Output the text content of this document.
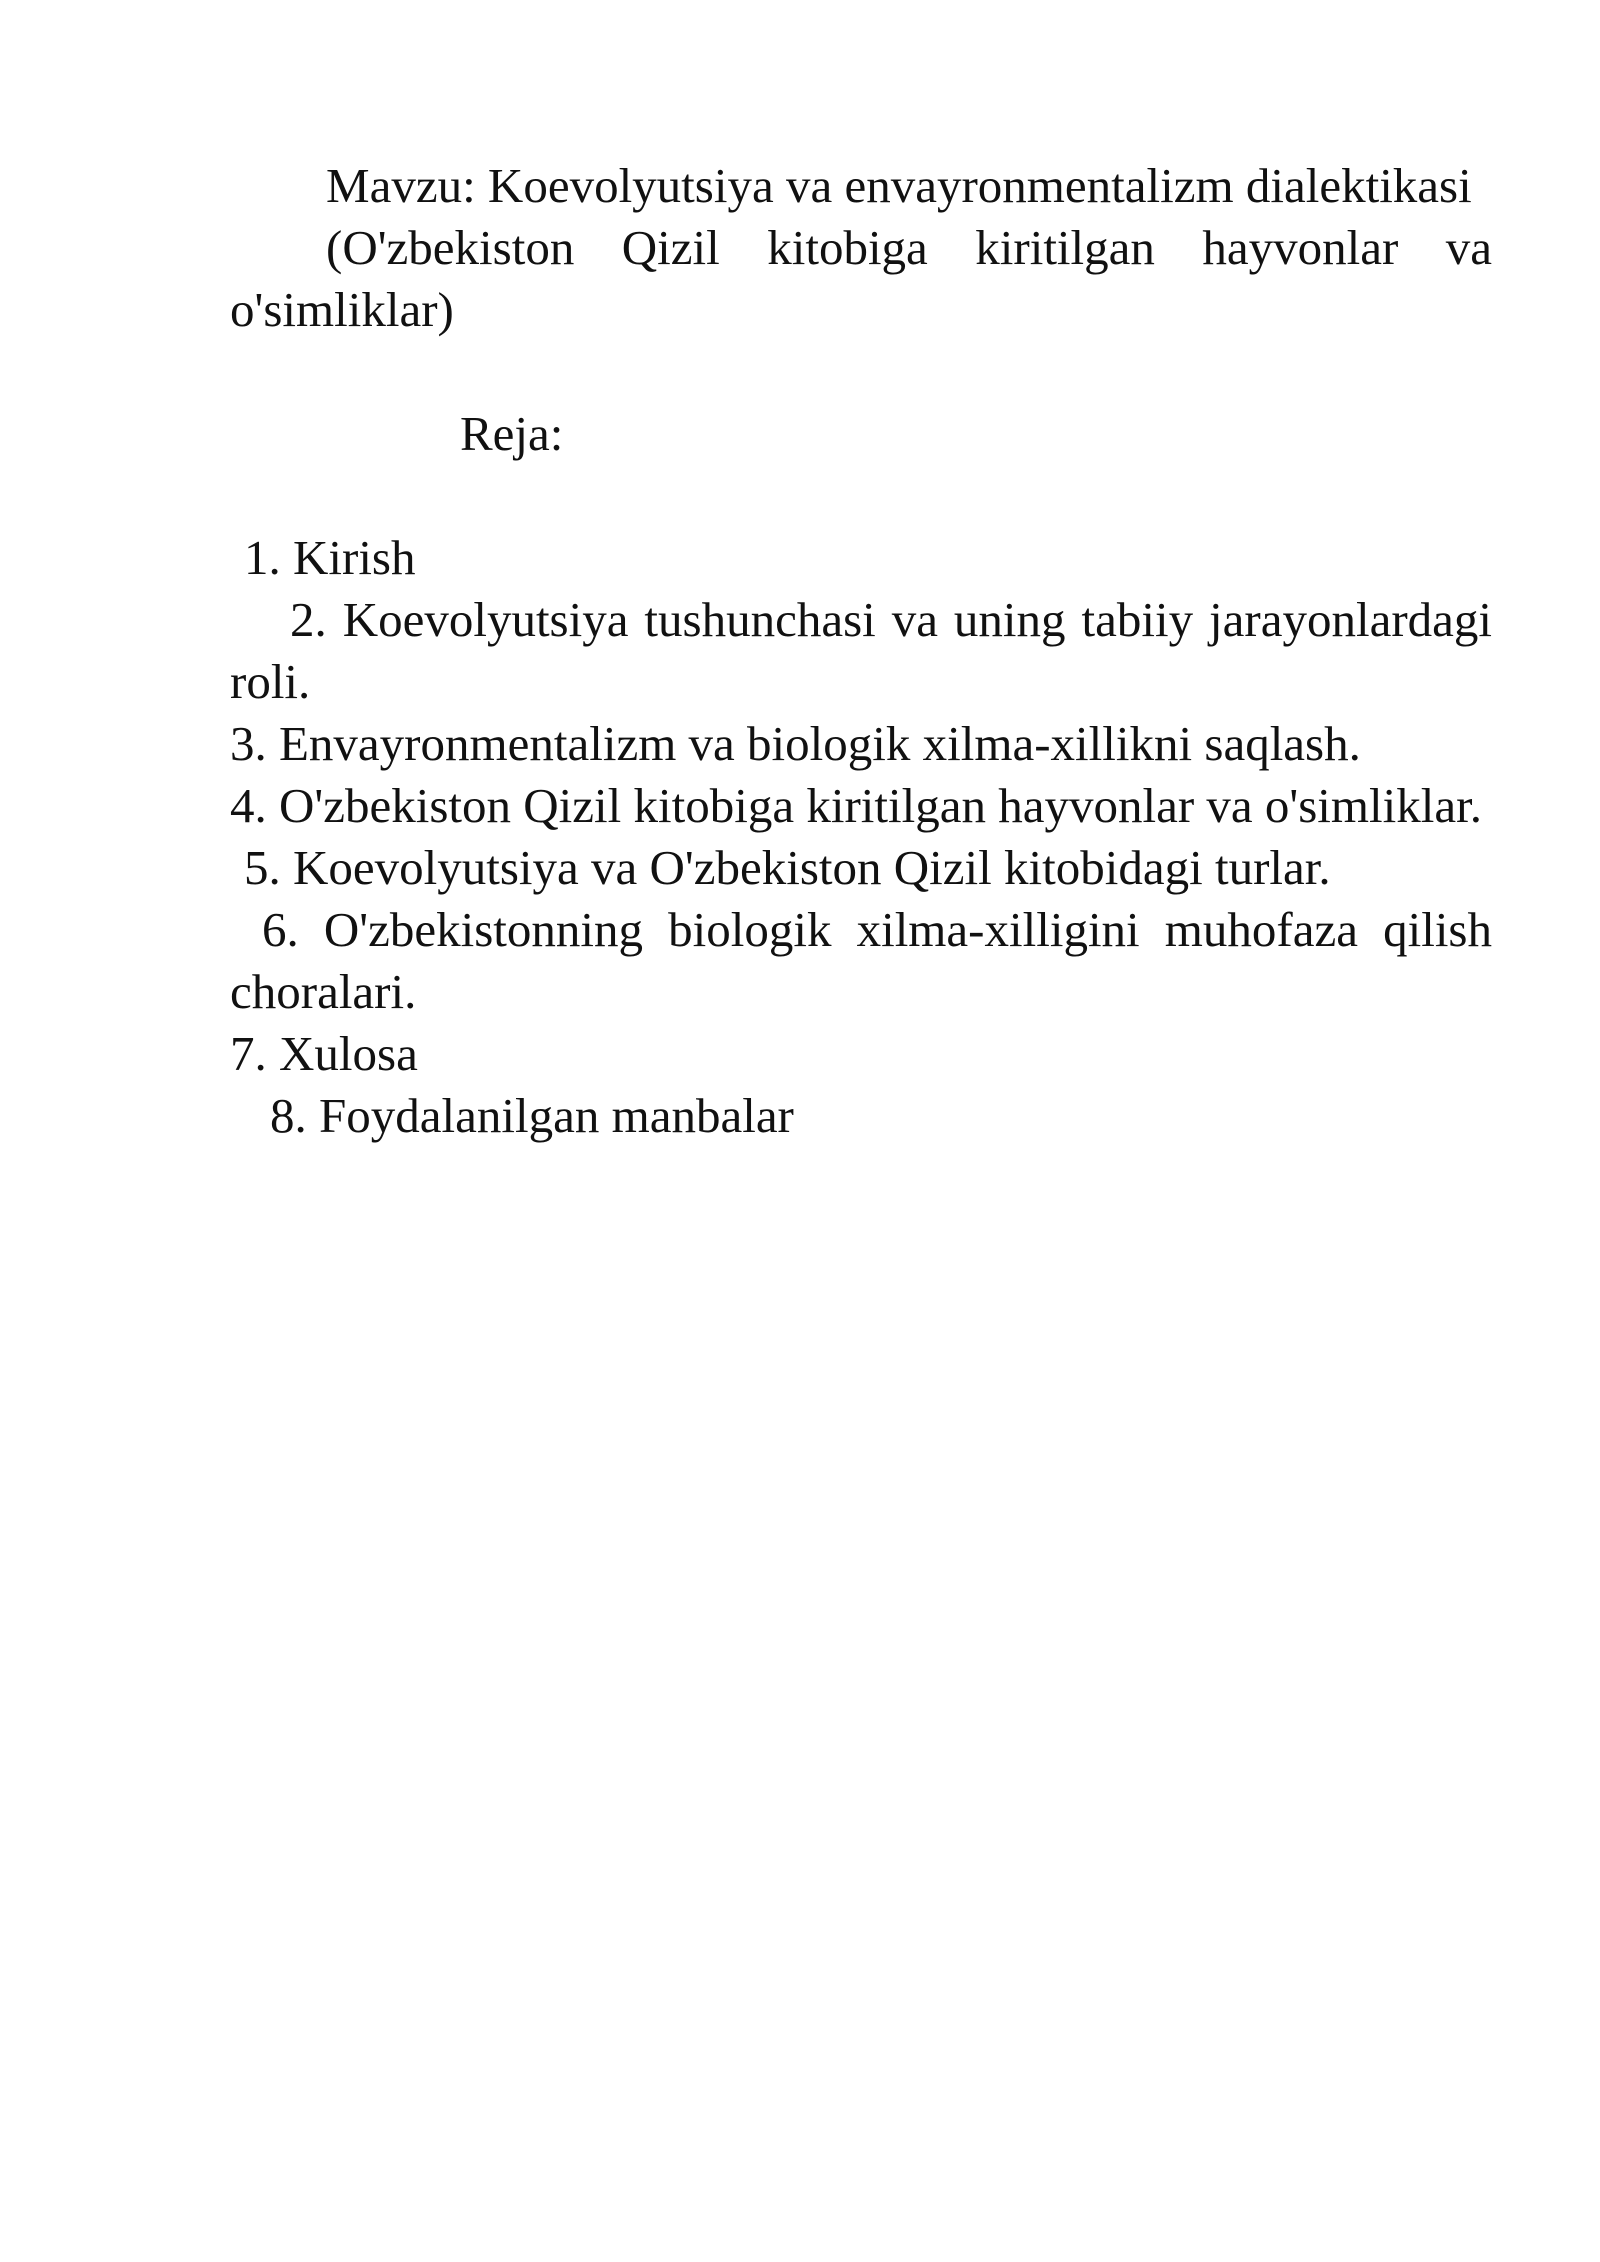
Mavzu: Koevolyutsiya va envayronmentalizm dialektikasi

(O'zbekiston Qizil kitobiga kiritilgan hayvonlar va o'simliklar)

Reja:

1. Kirish

2. Koevolyutsiya tushunchasi va uning tabiiy jarayonlardagi roli.

3. Envayronmentalizm va biologik xilma-xillikni saqlash.

4. O'zbekiston Qizil kitobiga kiritilgan hayvonlar va o'simliklar.

5. Koevolyutsiya va O'zbekiston Qizil kitobidagi turlar.

6. O'zbekistonning biologik xilma-xilligini muhofaza qilish choralari.

7. Xulosa

8. Foydalanilgan manbalar
